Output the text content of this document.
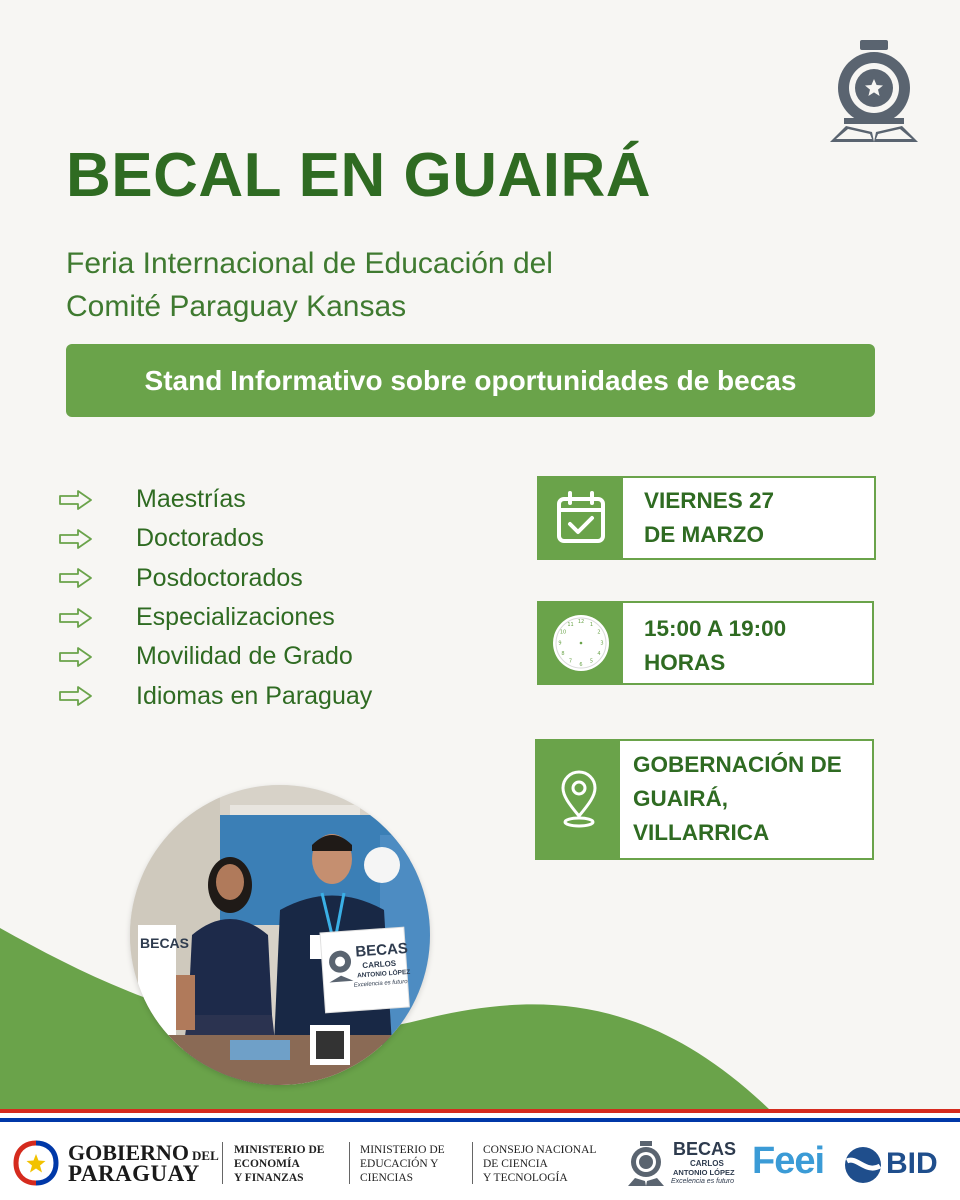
BECAL EN GUAIRÁ
Feria Internacional de Educación del
Comité Paraguay Kansas
Stand Informativo sobre oportunidades de becas
Maestrías
Doctorados
Posdoctorados
Especializaciones
Movilidad de Grado
Idiomas en Paraguay
VIERNES 27
DE MARZO
12 1
2
3
4
5
6
7
8
9
10
11	15:00 A 19:00
HORAS
GOBERNACIÓN DE
GUAIRÁ,
VILLARRICA
BECAS	BECAS
CARLOS
ANTONIO LÓPEZ
Excelencia es futuro
GOBIERNO DEL
PARAGUAY
MINISTERIO DE
ECONOMÍA
Y FINANZAS
MINISTERIO DE
EDUCACIÓN Y
CIENCIAS
CONSEJO NACIONAL
DE CIENCIA
Y TECNOLOGÍA
BECAS
CARLOS
ANTONIO LÓPEZ
Excelencia es futuro Feei BID
